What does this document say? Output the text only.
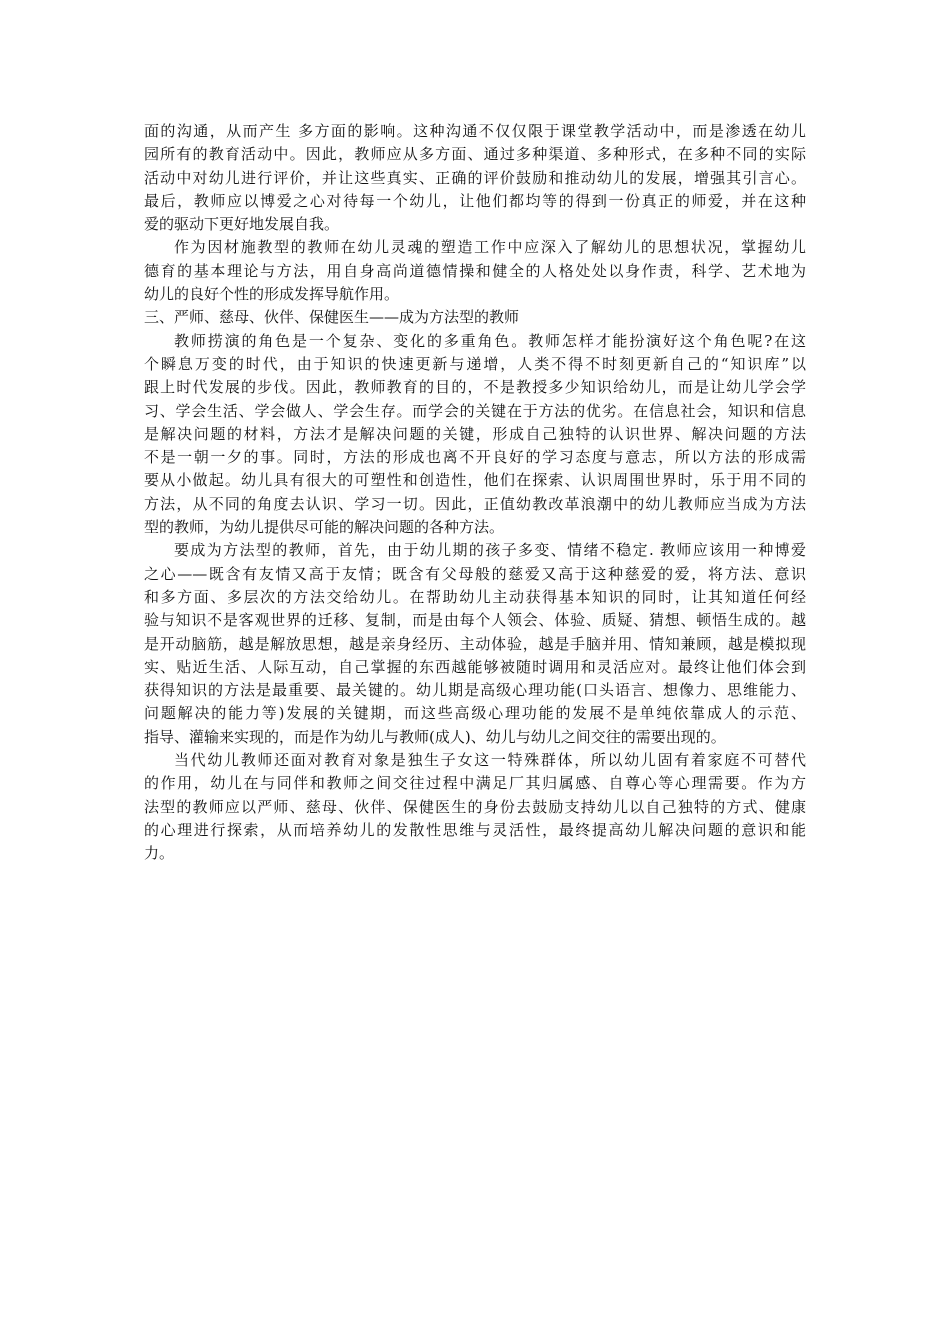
面的沟通，从而产生 多方面的影响。这种沟通不仅仅限于课堂教学活动中，而是渗透在幼儿
园所有的教育活动中。因此，教师应从多方面、通过多种渠道、多种形式，在多种不同的实际
活动中对幼儿进行评价，并让这些真实、正确的评价鼓励和推动幼儿的发展，增强其引言心。
最后，教师应以博爱之心对待每一个幼儿，让他们都均等的得到一份真正的师爱，并在这种
爱的驱动下更好地发展自我。
作为因材施教型的教师在幼儿灵魂的塑造工作中应深入了解幼儿的思想状况，掌握幼儿
德育的基本理论与方法，用自身高尚道德情操和健全的人格处处以身作责，科学、艺术地为
幼儿的良好个性的形成发挥导航作用。
三、严师、慈母、伙伴、保健医生——成为方法型的教师
教师捞演的角色是一个复杂、变化的多重角色。教师怎样才能扮演好这个角色呢?在这
个瞬息万变的时代，由于知识的快速更新与递增，人类不得不时刻更新自己的“知识库”以
跟上时代发展的步伐。因此，教师教育的目的，不是教授多少知识给幼儿，而是让幼儿学会学
习、学会生活、学会做人、学会生存。而学会的关键在于方法的优劣。在信息社会，知识和信息
是解决问题的材料，方法才是解决问题的关键，形成自己独特的认识世界、解决问题的方法
不是一朝一夕的事。同时，方法的形成也离不开良好的学习态度与意志，所以方法的形成需
要从小做起。幼儿具有很大的可塑性和创造性，他们在探索、认识周围世界时，乐于用不同的
方法，从不同的角度去认识、学习一切。因此，正值幼教改革浪潮中的幼儿教师应当成为方法
型的教师，为幼儿提供尽可能的解决问题的各种方法。
要成为方法型的教师，首先，由于幼儿期的孩子多变、情绪不稳定. 教师应该用一种博爱
之心——既含有友情又高于友情；既含有父母般的慈爱又高于这种慈爱的爱，将方法、意识
和多方面、多层次的方法交给幼儿。在帮助幼儿主动获得基本知识的同时，让其知道任何经
验与知识不是客观世界的迁移、复制，而是由每个人领会、体验、质疑、猜想、顿悟生成的。越
是开动脑筋，越是解放思想，越是亲身经历、主动体验，越是手脑并用、情知兼顾，越是模拟现
实、贴近生活、人际互动，自己掌握的东西越能够被随时调用和灵活应对。最终让他们体会到
获得知识的方法是最重要、最关键的。幼儿期是高级心理功能(口头语言、想像力、思维能力、
问题解决的能力等)发展的关键期，而这些高级心理功能的发展不是单纯依靠成人的示范、
指导、灌输来实现的，而是作为幼儿与教师(成人)、幼儿与幼儿之间交往的需要出现的。
当代幼儿教师还面对教育对象是独生子女这一特殊群体，所以幼儿固有着家庭不可替代
的作用，幼儿在与同伴和教师之间交往过程中满足厂其归属感、自尊心等心理需要。作为方
法型的教师应以严师、慈母、伙伴、保健医生的身份去鼓励支持幼儿以自己独特的方式、健康
的心理进行探索，从而培养幼儿的发散性思维与灵活性，最终提高幼儿解决问题的意识和能
力。
